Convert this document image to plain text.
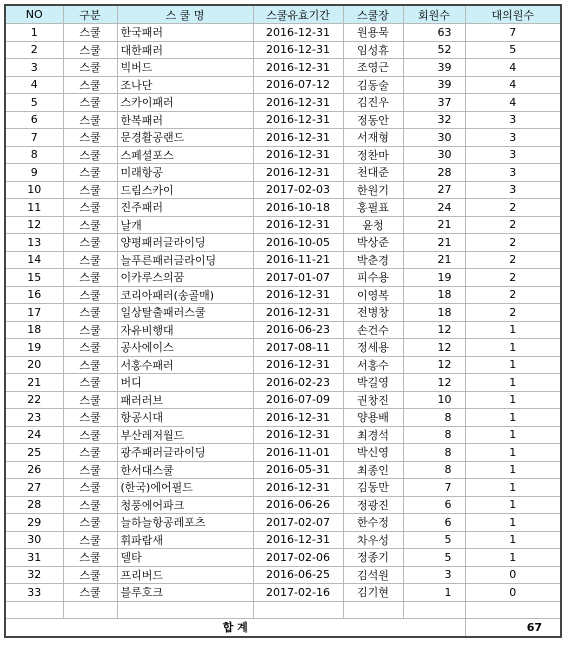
NO	구분	스 쿨 명	스쿨유효기간	스쿨장	회원수	대의원수
1	스쿨	한국패러	2016-12-31	원용묵	63	7
2	스쿨	대한패러	2016-12-31	임성휴	52	5
3	스쿨	빅버드	2016-12-31	조영근	39	4
4	스쿨	조나단	2016-07-12	김동술	39	4
5	스쿨	스카이패러	2016-12-31	김진우	37	4
6	스쿨	한복패러	2016-12-31	정동안	32	3
7	스쿨	문경활공랜드	2016-12-31	서재형	30	3
8	스쿨	스페셜포스	2016-12-31	정찬마	30	3
9	스쿨	미래항공	2016-12-31	천대준	28	3
10	스쿨	드림스카이	2017-02-03	한원기	27	3
11	스쿨	진주패러	2016-10-18	홍필표	24	2
12	스쿨	날개	2016-12-31	윤청	21	2
13	스쿨	양평패러글라이딩	2016-10-05	박상준	21	2
14	스쿨	늘푸른패러글라이딩	2016-11-21	박춘경	21	2
15	스쿨	이카루스의꿈	2017-01-07	피수용	19	2
16	스쿨	코리아패러(송골매)	2016-12-31	이영복	18	2
17	스쿨	일상탈출패러스쿨	2016-12-31	전병창	18	2
18	스쿨	자유비행대	2016-06-23	손건수	12	1
19	스쿨	공사에이스	2017-08-11	정세용	12	1
20	스쿨	서홍수패러	2016-12-31	서홍수	12	1
21	스쿨	버디	2016-02-23	박길영	12	1
22	스쿨	패러러브	2016-07-09	권창진	10	1
23	스쿨	항공시대	2016-12-31	양용배	8	1
24	스쿨	부산레저월드	2016-12-31	최경석	8	1
25	스쿨	광주패러글라이딩	2016-11-01	박신영	8	1
26	스쿨	한서대스쿨	2016-05-31	최종인	8	1
27	스쿨	(한국)에어필드	2016-12-31	김동만	7	1
28	스쿨	청풍에어파크	2016-06-26	정광진	6	1
29	스쿨	늘하늘항공레포츠	2017-02-07	한수정	6	1
30	스쿨	휘파람새	2016-12-31	차우성	5	1
31	스쿨	델타	2017-02-06	정종기	5	1
32	스쿨	프리버드	2016-06-25	김석원	3	0
33	스쿨	블루호크	2017-02-16	김기현	1	0

합 계						67
